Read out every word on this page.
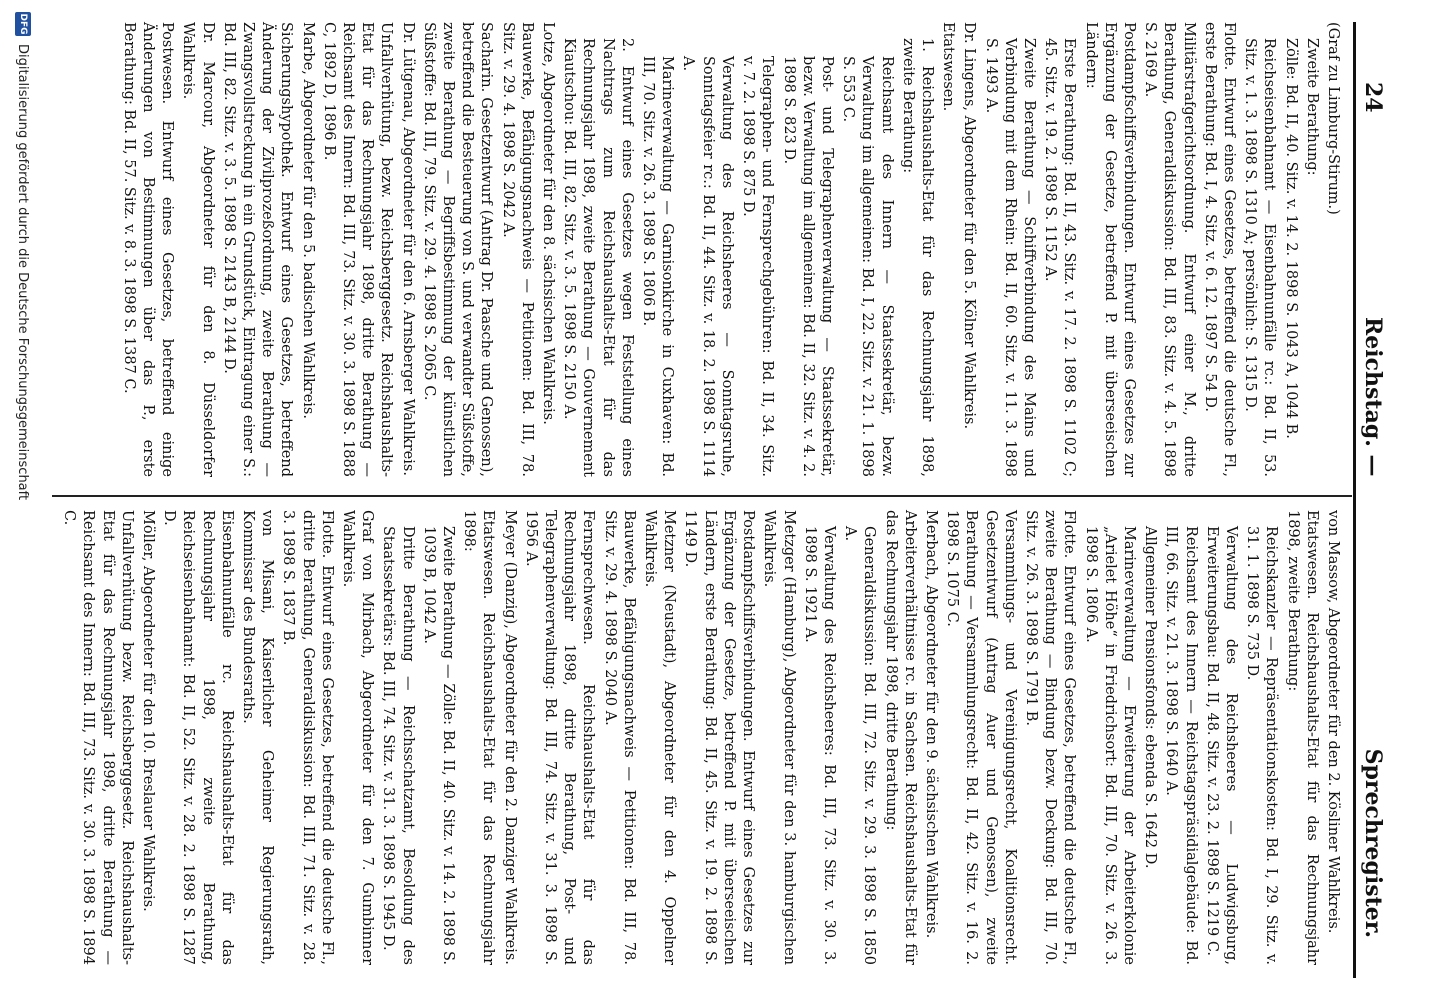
24
Reichstag. —
Sprechregister.

(Graf zu Limburg-Stirum.)

Zweite Berathung:

Zölle: Bd. II, 40. Sitz. v. 14. 2. 1898 S. 1043 A, 1044 B.

Reichseisenbahnamt — Eisenbahnunfälle rc.: Bd. II, 53. Sitz. v. 1. 3. 1898 S. 1310 A; persönlich: S. 1315 D.

Flotte. Entwurf eines Gesetzes, betreffend die deutsche Fl., erste Berathung: Bd. I, 4. Sitz. v. 6. 12. 1897 S. 54 D.

Militärstrafgerichtsordnung. Entwurf einer M., dritte Berathung, Generaldiskussion: Bd. III, 83. Sitz. v. 4. 5. 1898 S. 2169 A.

Postdampfschiffsverbindungen. Entwurf eines Gesetzes zur Ergänzung der Gesetze, betreffend P. mit überseeischen Ländern:

Erste Berathung: Bd. II, 43. Sitz. v. 17. 2. 1898 S. 1102 C; 45. Sitz. v. 19. 2. 1898 S. 1152 A.

Zweite Berathung — Schiffverbindung des Mains und Verbindung mit dem Rhein: Bd. II, 60. Sitz. v. 11. 3. 1898 S. 1493 A.

Dr. Lingens, Abgeordneter für den 5. Kölner Wahlkreis.

Etatswesen.

1. Reichshaushalts-Etat für das Rechnungsjahr 1898, zweite Berathung:

Reichsamt des Innern — Staatssekretär, bezw. Verwaltung im allgemeinen: Bd. I, 22. Sitz. v. 21. 1. 1898 S. 553 C.

Post- und Telegraphenverwaltung — Staatssekretär, bezw. Verwaltung im allgemeinen: Bd. II, 32. Sitz. v. 4. 2. 1898 S. 823 D.

Telegraphen- und Fernsprechgebühren: Bd. II, 34. Sitz. v. 7. 2. 1898 S. 875 D.

Verwaltung des Reichsheeres — Sonntagsruhe, Sonntagsfeier rc.: Bd. II, 44. Sitz. v. 18. 2. 1898 S. 1114 A.

Marineverwaltung — Garnisonkirche in Cuxhaven: Bd. III, 70. Sitz. v. 26. 3. 1898 S. 1806 B.

2. Entwurf eines Gesetzes wegen Feststellung eines Nachtrags zum Reichshaushalts-Etat für das Rechnungsjahr 1898, zweite Berathung — Gouvernement Kiautschou: Bd. III, 82. Sitz. v. 3. 5. 1898 S. 2150 A.

Lotze, Abgeordneter für den 8. sächsischen Wahlkreis.

Bauwerke, Befähigungsnachweis — Petitionen: Bd. III, 78. Sitz. v. 29. 4. 1898 S. 2042 A.

Sacharin. Gesetzentwurf (Antrag Dr. Paasche und Genossen), betreffend die Besteuerung von S. und verwandter Süßstoffe, zweite Berathung — Begriffsbestimmung der künstlichen Süßstoffe: Bd. III, 79. Sitz. v. 29. 4. 1898 S. 2065 C.

Dr. Lütgenau, Abgeordneter für den 6. Arnsberger Wahlkreis.

Unfallverhütung, bezw. Reichsberggesetz. Reichshaushalts-Etat für das Rechnungsjahr 1898, dritte Berathung — Reichsamt des Innern: Bd. III, 73. Sitz. v. 30. 3. 1898 S. 1888 C, 1892 D, 1896 B.

Marbe, Abgeordneter für den 5. badischen Wahlkreis.

Sicherungshypothek. Entwurf eines Gesetzes, betreffend Änderung der Zivilprozeßordnung, zweite Berathung — Zwangsvollstreckung in ein Grundstück, Eintragung einer S.: Bd. III, 82. Sitz. v. 3. 5. 1898 S. 2143 B, 2144 D.

Dr. Marcour, Abgeordneter für den 8. Düsseldorfer Wahlkreis.

Postwesen. Entwurf eines Gesetzes, betreffend einige Änderungen von Bestimmungen über das P., erste Berathung: Bd. II, 57. Sitz. v. 8. 3. 1898 S. 1387 C.

von Massow, Abgeordneter für den 2. Kösliner Wahlkreis.

Etatswesen. Reichshaushalts-Etat für das Rechnungsjahr 1898, zweite Berathung:

Reichskanzler — Repräsentationskosten: Bd. I, 29. Sitz. v. 31. 1. 1898 S. 735 D.

Verwaltung des Reichsheeres — Ludwigsburg, Erweiterungsbau: Bd. II, 48. Sitz. v. 23. 2. 1898 S. 1219 C.

Reichsamt des Innern — Reichstagspräsidialgebäude: Bd. III, 66. Sitz. v. 21. 3. 1898 S. 1640 A.

Allgemeiner Pensionsfonds: ebenda S. 1642 D.

Marineverwaltung — Erweiterung der Arbeiterkolonie „Arielet Höhe“ in Friedrichsort: Bd. III, 70. Sitz. v. 26. 3. 1898 S. 1806 A.

Flotte. Entwurf eines Gesetzes, betreffend die deutsche Fl., zweite Berathung — Bindung bezw. Deckung: Bd. III, 70. Sitz. v. 26. 3. 1898 S. 1791 B.

Versammlungs- und Vereinigungsrecht, Koalitionsrecht. Gesetzentwurf (Antrag Auer und Genossen), zweite Berathung — Versammlungsrecht: Bd. II, 42. Sitz. v. 16. 2. 1898 S. 1075 C.

Merbach, Abgeordneter für den 9. sächsischen Wahlkreis.

Arbeiterverhältnisse rc. in Sachsen. Reichshaushalts-Etat für das Rechnungsjahr 1898, dritte Berathung:

Generaldiskussion: Bd. III, 72. Sitz. v. 29. 3. 1898 S. 1850 A.

Verwaltung des Reichsheeres: Bd. III, 73. Sitz. v. 30. 3. 1898 S. 1921 A.

Metzger (Hamburg), Abgeordneter für den 3. hamburgischen Wahlkreis.

Postdampfschiffsverbindungen. Entwurf eines Gesetzes zur Ergänzung der Gesetze, betreffend P. mit überseeischen Ländern, erste Berathung: Bd. II, 45. Sitz. v. 19. 2. 1898 S. 1149 D.

Metzner (Neustadt), Abgeordneter für den 4. Oppelner Wahlkreis.

Bauwerke, Befähigungsnachweis — Petitionen: Bd. III, 78. Sitz. v. 29. 4. 1898 S. 2040 A.

Fernsprechwesen. Reichshaushalts-Etat für das Rechnungsjahr 1898, dritte Berathung, Post- und Telegraphenverwaltung: Bd. III, 74. Sitz. v. 31. 3. 1898 S. 1956 A.

Meyer (Danzig), Abgeordneter für den 2. Danziger Wahlkreis.

Etatswesen. Reichshaushalts-Etat für das Rechnungsjahr 1898:

Zweite Berathung — Zölle: Bd. II, 40. Sitz. v. 14. 2. 1898 S. 1039 B, 1042 A.

Dritte Berathung — Reichsschatzamt, Besoldung des Staatssekretärs: Bd. III, 74. Sitz. v. 31. 3. 1898 S. 1945 D.

Graf von Mirbach, Abgeordneter für den 7. Gumbinner Wahlkreis.

Flotte. Entwurf eines Gesetzes, betreffend die deutsche Fl., dritte Berathung, Generaldiskussion: Bd. III, 71. Sitz. v. 28. 3. 1898 S. 1837 B.

von Misani, Kaiserlicher Geheimer Regierungsrath, Kommissar des Bundesraths.

Eisenbahnunfälle rc. Reichshaushalts-Etat für das Rechnungsjahr 1898, zweite Berathung, Reichseisenbahnamt: Bd. II, 52. Sitz. v. 28. 2. 1898 S. 1287 D.

Möller, Abgeordneter für den 10. Breslauer Wahlkreis.

Unfallverhütung bezw. Reichsberggesetz. Reichshaushalts-Etat für das Rechnungsjahr 1898, dritte Berathung — Reichsamt des Innern: Bd. III, 73. Sitz. v. 30. 3. 1898 S. 1894 C.

DFG
Digitalisierung gefördert durch die Deutsche Forschungsgemeinschaft
